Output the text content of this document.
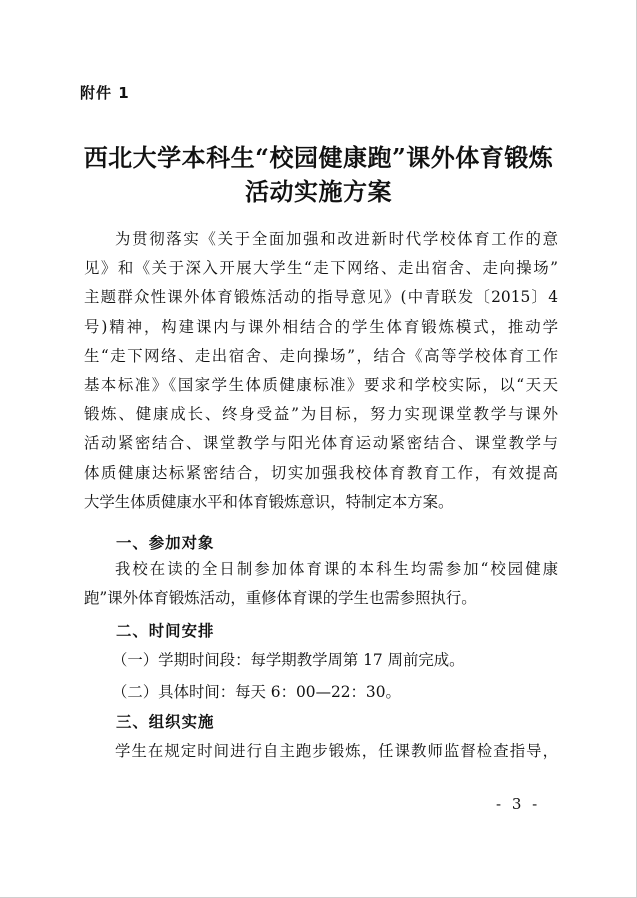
附件 1
西北大学本科生“校园健康跑”课外体育锻炼
活动实施方案
为贯彻落实《关于全面加强和改进新时代学校体育工作的意
见》和《关于深入开展大学生“走下网络、走出宿舍、走向操场”
主题群众性课外体育锻炼活动的指导意见》(中青联发〔2015〕4
号)精神，构建课内与课外相结合的学生体育锻炼模式，推动学
生“走下网络、走出宿舍、走向操场”，结合《高等学校体育工作
基本标准》《国家学生体质健康标准》要求和学校实际，以“天天
锻炼、健康成长、终身受益”为目标，努力实现课堂教学与课外
活动紧密结合、课堂教学与阳光体育运动紧密结合、课堂教学与
体质健康达标紧密结合，切实加强我校体育教育工作，有效提高
大学生体质健康水平和体育锻炼意识，特制定本方案。
一、参加对象
我校在读的全日制参加体育课的本科生均需参加“校园健康
跑”课外体育锻炼活动，重修体育课的学生也需参照执行。
二、时间安排
（一）学期时间段：每学期教学周第 17 周前完成。
（二）具体时间：每天 6：00—22：30。
三、组织实施
学生在规定时间进行自主跑步锻炼，任课教师监督检查指导，
- 3 -
